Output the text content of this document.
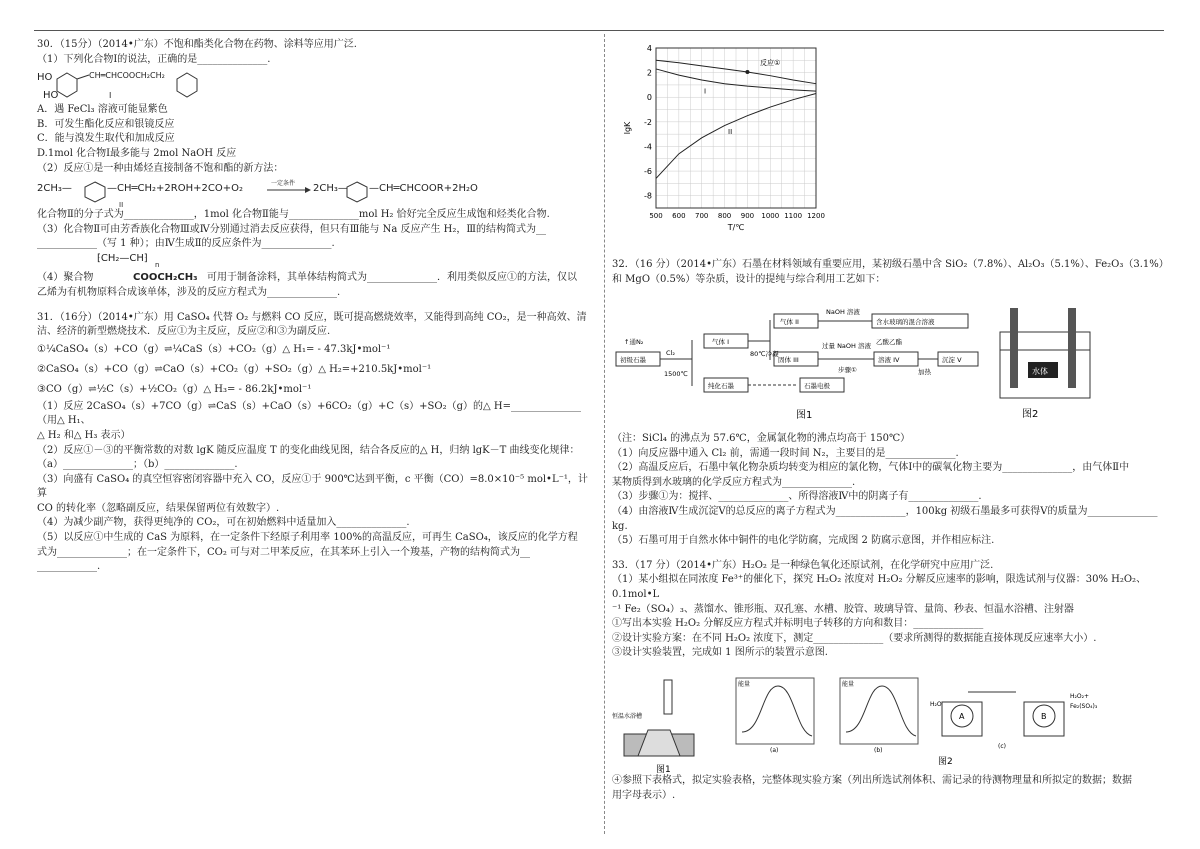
30．（15分）（2014•广东）不饱和酯类化合物在药物、涂料等应用广泛.

（1）下列化合物Ⅰ的说法，正确的是______________.

HO
HO
CH═CHCOOCH₂CH₂
I

A．遇 FeCl₃ 溶液可能显紫色

B．可发生酯化反应和银镜反应

C．能与溴发生取代和加成反应

D.1mol 化合物Ⅰ最多能与 2mol NaOH 反应

（2）反应①是一种由烯烃直接制备不饱和酯的新方法：

2CH₃—	—CH═CH₂+2ROH+2CO+O₂	一定条件 2CH₃— —CH═CHCOOR+2H₂O
II

化合物Ⅱ的分子式为______________，1mol 化合物Ⅱ能与______________mol H₂ 恰好完全反应生成饱和烃类化合物.

（3）化合物Ⅱ可由芳香族化合物Ⅲ或Ⅳ分别通过消去反应获得，但只有Ⅲ能与 Na 反应产生 H₂，Ⅲ的结构简式为__

____________（写 1 种）；由Ⅳ生成Ⅱ的反应条件为______________.

⁅CH₂—CH⁆
n
COOCH₂CH₃
（4）聚合物	可用于制备涂料，其单体结构简式为______________．利用类似反应①的方法，仅以

乙烯为有机物原料合成该单体，涉及的反应方程式为______________.

31．（16分）（2014•广东）用 CaSO₄ 代替 O₂ 与燃料 CO 反应，既可提高燃烧效率，又能得到高纯 CO₂，是一种高效、清

洁、经济的新型燃烧技术．反应①为主反应，反应②和③为副反应.

①¼CaSO₄（s）+CO（g）⇌¼CaS（s）+CO₂（g）△ H₁= - 47.3kJ•mol⁻¹

②CaSO₄（s）+CO（g）⇌CaO（s）+CO₂（g）+SO₂（g）△ H₂=+210.5kJ•mol⁻¹

③CO（g）⇌½C（s）+½CO₂（g）△ H₃= - 86.2kJ•mol⁻¹

（1）反应 2CaSO₄（s）+7CO（g）⇌CaS（s）+CaO（s）+6CO₂（g）+C（s）+SO₂（g）的△ H=______________（用△ H₁、

△ H₂ 和△ H₃ 表示）

（2）反应①－③的平衡常数的对数 lgK 随反应温度 T 的变化曲线见图，结合各反应的△ H，归纳 lgK－T 曲线变化规律：

（a）______________；（b）______________.

（3）向盛有 CaSO₄ 的真空恒容密闭容器中充入 CO，反应①于 900℃达到平衡，c 平衡（CO）=8.0×10⁻⁵ mol•L⁻¹，计算

CO 的转化率（忽略副反应，结果保留两位有效数字）.

（4）为减少副产物，获得更纯净的 CO₂，可在初始燃料中适量加入______________.

（5）以反应①中生成的 CaS 为原料，在一定条件下经原子利用率 100%的高温反应，可再生 CaSO₄，该反应的化学方程

式为______________；在一定条件下，CO₂ 可与对二甲苯反应，在其苯环上引入一个羧基，产物的结构简式为__

____________.

500 600 700 800 900 1000 1100 1200
4
2
0
-2
-4
-6
-8
T/℃
lgK
反应①
I
II
初级石墨
↑通N₂
Cl₂
1500℃
气体 I
80℃冷凝
气体 II
NaOH 溶液
含水玻璃的混合溶液
固体 III
过量 NaOH 溶液
溶液 IV
乙酸乙酯
步骤①
沉淀 V
加热
纯化石墨	石墨电极
图1
水体
图2

32．（16 分）（2014•广东）石墨在材料领域有重要应用，某初级石墨中含 SiO₂（7.8%）、Al₂O₃（5.1%）、Fe₂O₃（3.1%）

和 MgO（0.5%）等杂质，设计的提纯与综合利用工艺如下：

（注：SiCl₄ 的沸点为 57.6℃，金属氯化物的沸点均高于 150℃）

（1）向反应器中通入 Cl₂ 前，需通一段时间 N₂，主要目的是______________.

（2）高温反应后，石墨中氧化物杂质均转变为相应的氯化物，气体Ⅰ中的碳氧化物主要为______________，由气体Ⅱ中

某物质得到水玻璃的化学反应方程式为______________.

（3）步骤①为：搅拌、______________、所得溶液Ⅳ中的阴离子有______________.

（4）由溶液Ⅳ生成沉淀Ⅴ的总反应的离子方程式为______________，100kg 初级石墨最多可获得Ⅴ的质量为______________

kg.

（5）石墨可用于自然水体中铜件的电化学防腐，完成图 2 防腐示意图，并作相应标注.

33．（17 分）（2014•广东）H₂O₂ 是一种绿色氧化还原试剂，在化学研究中应用广泛.

（1）某小组拟在同浓度 Fe³⁺的催化下，探究 H₂O₂ 浓度对 H₂O₂ 分解反应速率的影响，限选试剂与仪器：30% H₂O₂、0.1mol•L

⁻¹ Fe₂（SO₄）₃、蒸馏水、锥形瓶、双孔塞、水槽、胶管、玻璃导管、量筒、秒表、恒温水浴槽、注射器

①写出本实验 H₂O₂ 分解反应方程式并标明电子转移的方向和数目：______________

②设计实验方案：在不同 H₂O₂ 浓度下，测定______________（要求所测得的数据能直接体现反应速率大小）.

③设计实验装置，完成如 1 图所示的装置示意图.

恒温水浴槽
图1
能量
(a)
能量
(b)
A	B
H₂O
H₂O₂+
Fe₂(SO₄)₃
(c)
图2

④参照下表格式，拟定实验表格，完整体现实验方案（列出所选试剂体积、需记录的待测物理量和所拟定的数据；数据

用字母表示）.
